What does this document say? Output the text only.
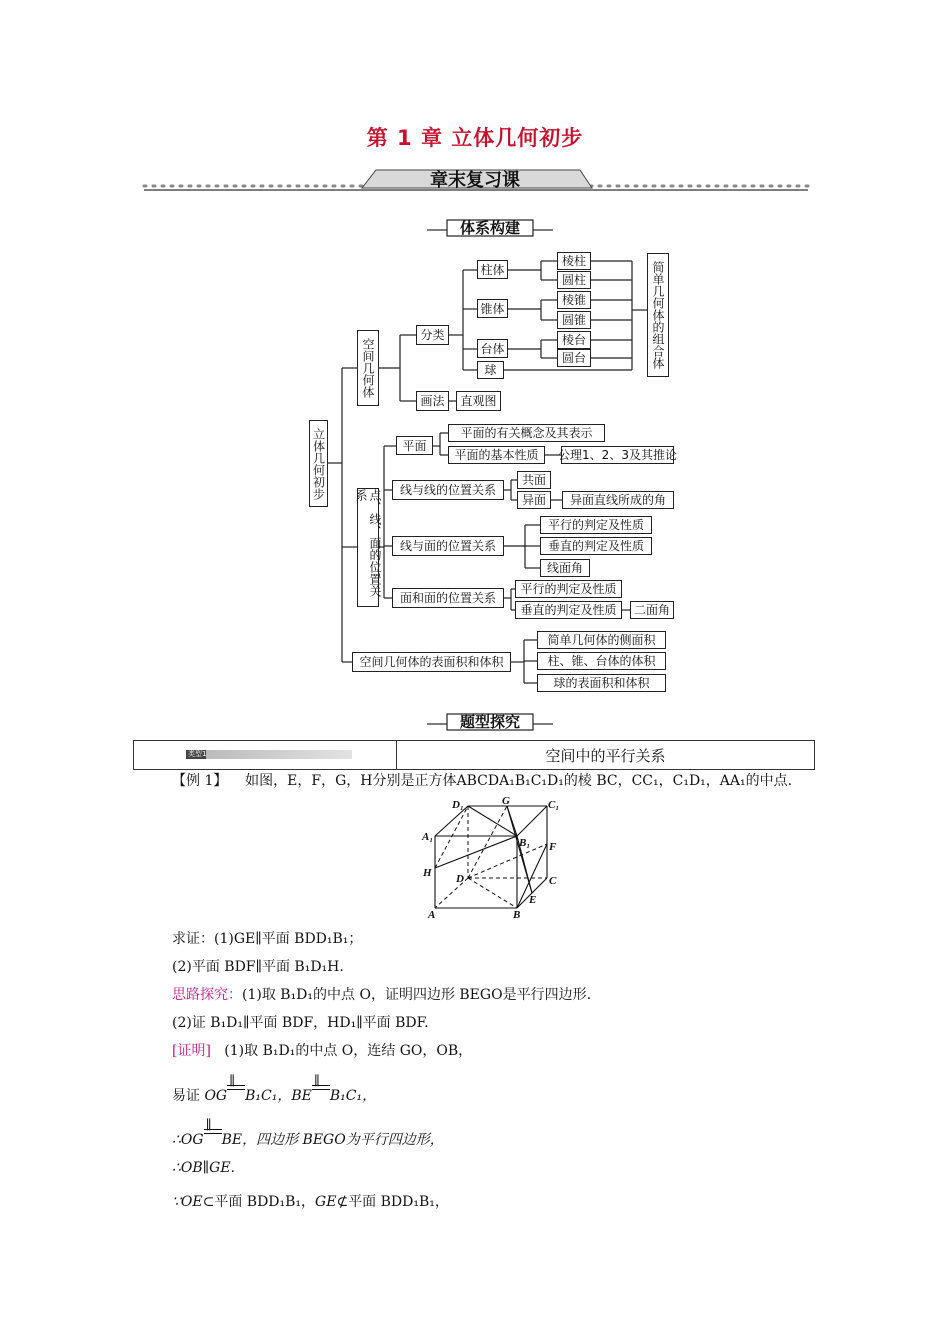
第 1 章 立体几何初步
章末复习课
体系构建
立体几何初步
空间几何体
分类
柱体
棱柱
圆柱
锥体
棱锥
圆锥
台体
棱台
圆台
球
简单几何体的组合体
画法	直观图
点、线、面的位置关系
平面
平面的有关概念及其表示
平面的基本性质	公理1、2、3及其推论
线与线的位置关系
共面
异面	异面直线所成的角
线与面的位置关系
平行的判定及性质
垂直的判定及性质
线面角
面和面的位置关系
平行的判定及性质
垂直的判定及性质	二面角
空间几何体的表面积和体积
简单几何体的侧面积
柱、锥、台体的体积
球的表面积和体积
题型探究
类型1	空间中的平行关系
【例 1】 如图，E，F，G，H分别是正方体ABCDA₁B₁C₁D₁的棱 BC，CC₁，C₁D₁，AA₁的中点.
D₁	G	C₁
A₁	B₁ F
H D	C
E
A	B
求证：(1)GE∥平面 BDD₁B₁；
(2)平面 BDF∥平面 B₁D₁H.
思路探究：(1)取 B₁D₁的中点 O，证明四边形 BEGO是平行四边形.
(2)证 B₁D₁∥平面 BDF，HD₁∥平面 BDF.
[证明] (1)取 B₁D₁的中点 O，连结 GO，OB，
易证 OG
∥
B₁C₁，BE
∥
B₁C₁，
∴OG
∥
BE，四边形 BEGO为平行四边形，
∴OB∥GE.
∵OE⊂平面 BDD₁B₁，GE⊄平面 BDD₁B₁，
